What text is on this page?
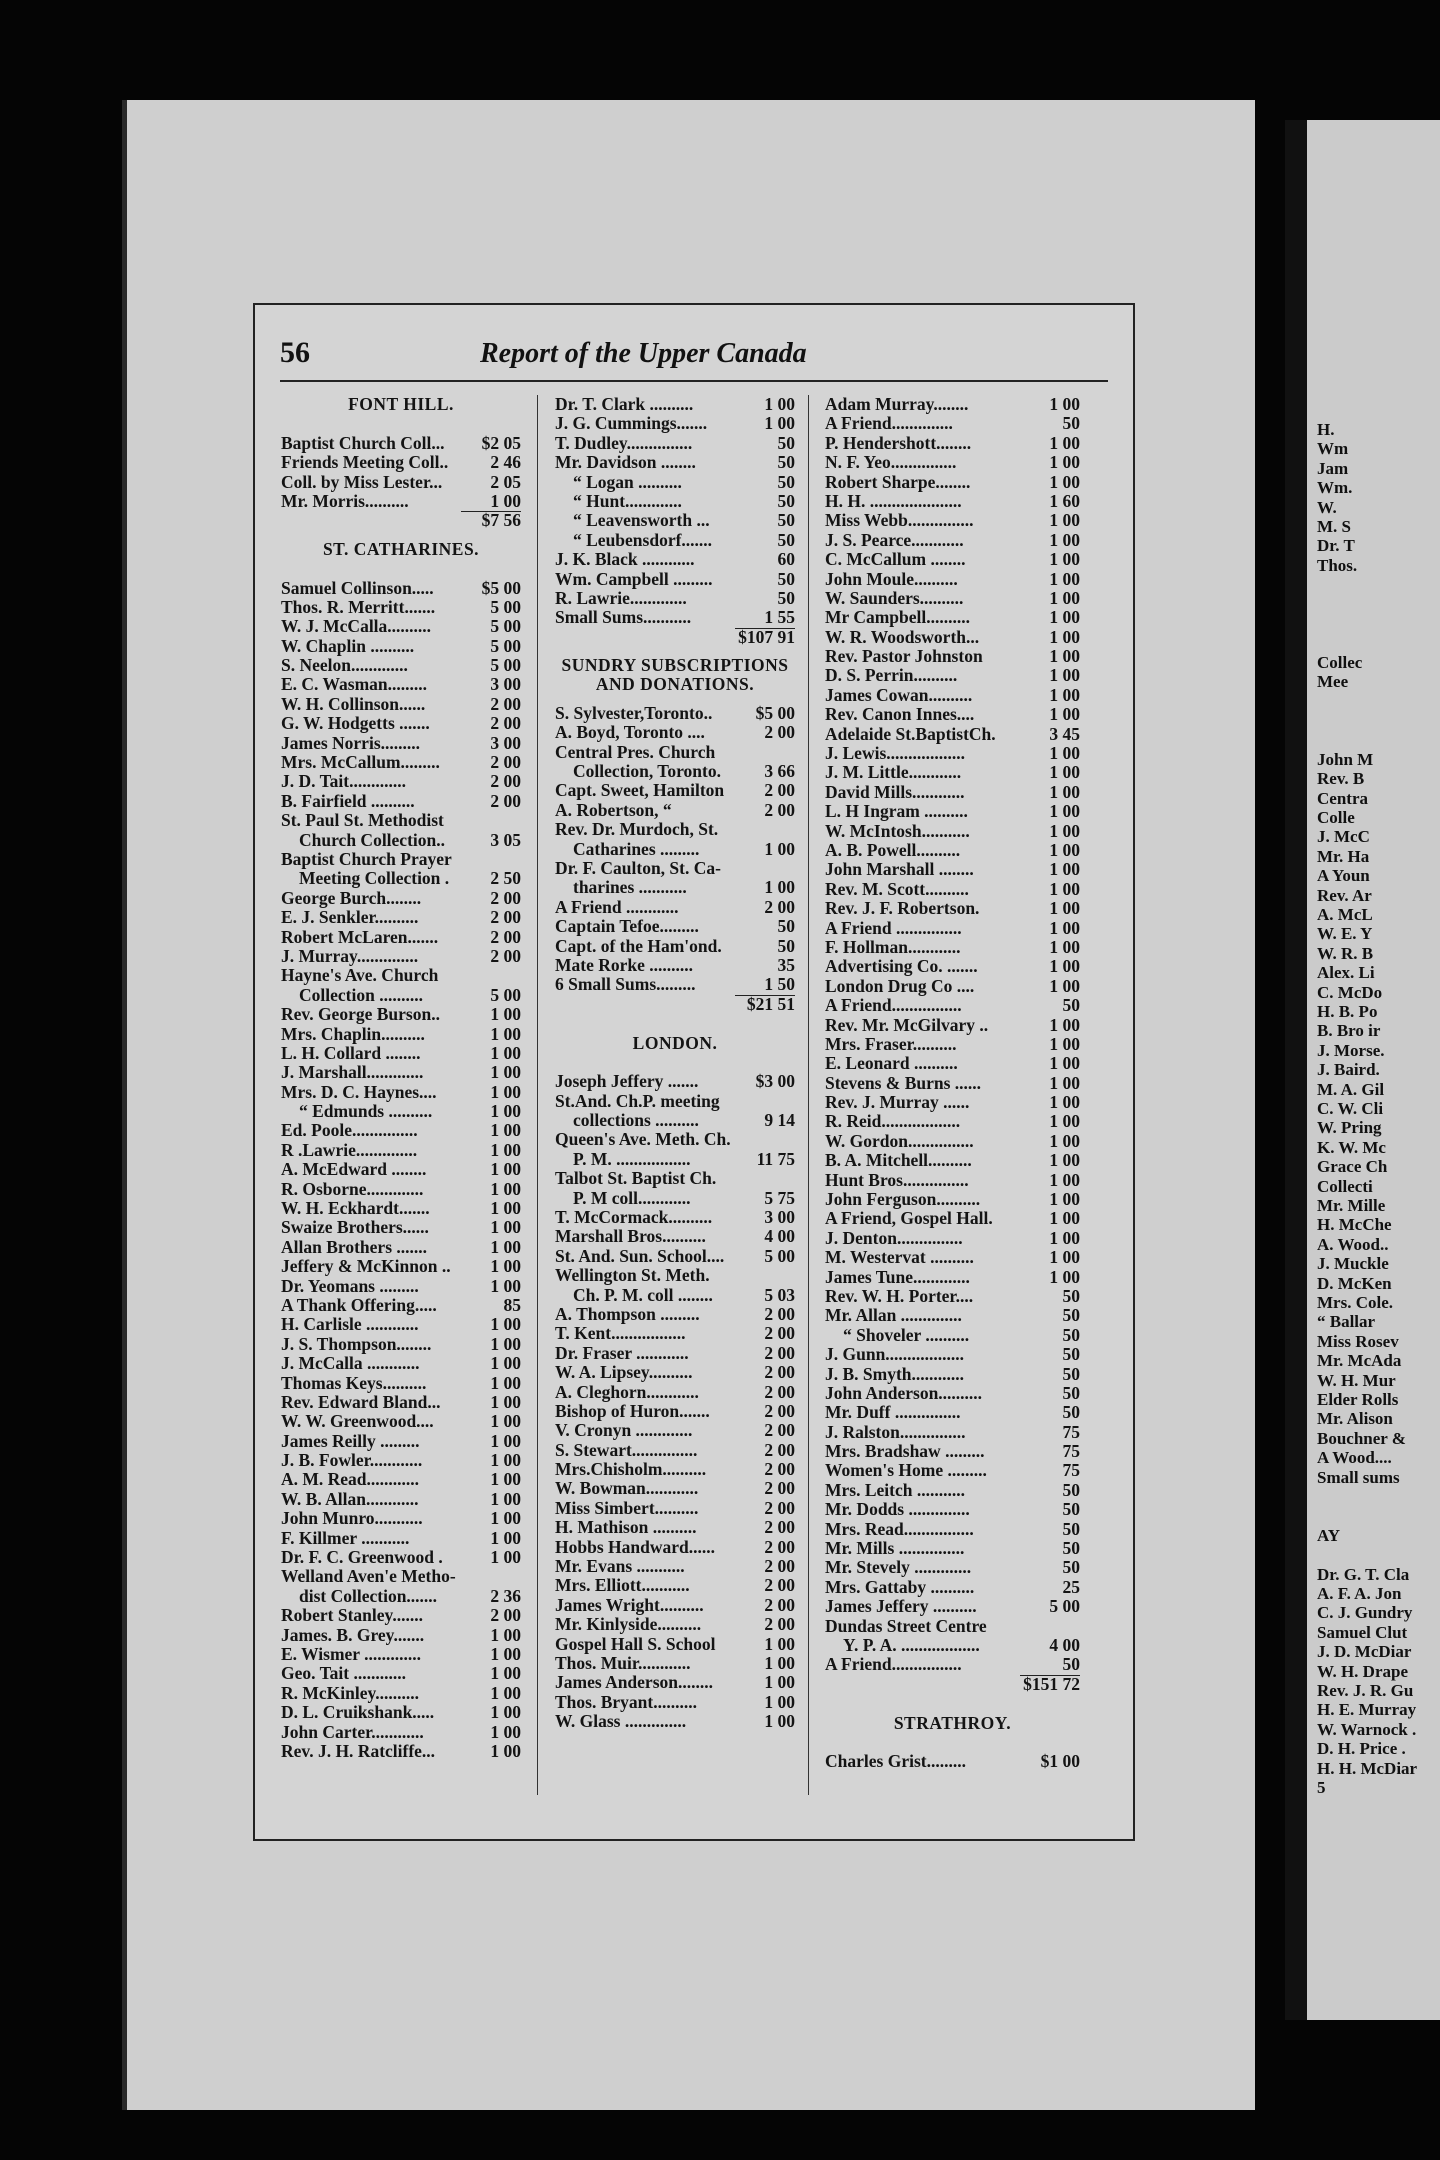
H.
Wm
Jam
Wm.
W.
M. S
Dr. T
Thos.
Collec
Mee
John M
Rev. B
Centra
Colle
J. McC
Mr. Ha
A Youn
Rev. Ar
A. McL
W. E. Y
W. R. B
Alex. Li
C. McDo
H. B. Po
B. Bro ir
J. Morse.
J. Baird.
M. A. Gil
C. W. Cli
W. Pring
K. W. Mc
Grace Ch
Collecti
Mr. Mille
H. McChe
A. Wood..
J. Muckle
D. McKen
Mrs. Cole.
“ Ballar
Miss Rosev
Mr. McAda
W. H. Mur
Elder Rolls
Mr. Alison
Bouchner &
A Wood....
Small sums
AY
Dr. G. T. Cla
A. F. A. Jon
C. J. Gundry
Samuel Clut
J. D. McDiar
W. H. Drape
Rev. J. R. Gu
H. E. Murray
W. Warnock .
D. H. Price .
H. H. McDiar
5
56	Report of the Upper Canada
FONT HILL.
Baptist Church Coll... $2 05
Friends Meeting Coll.. 2 46
Coll. by Miss Lester...	2 05
Mr. Morris..........	1 00
$7 56
ST. CATHARINES.
Samuel Collinson.....	$5 00
Thos. R. Merritt.......	5 00
W. J. McCalla..........	5 00
W. Chaplin ..........	5 00
S. Neelon.............	5 00
E. C. Wasman.........	3 00
W. H. Collinson......	2 00
G. W. Hodgetts .......	2 00
James Norris.........	3 00
Mrs. McCallum.........	2 00
J. D. Tait.............	2 00
B. Fairfield ..........	2 00
St. Paul St. Methodist
Church Collection..	3 05
Baptist Church Prayer
Meeting Collection . 2 50
George Burch........	2 00
E. J. Senkler..........	2 00
Robert McLaren.......	2 00
J. Murray..............	2 00
Hayne's Ave. Church
Collection ..........	5 00
Rev. George Burson..	1 00
Mrs. Chaplin..........	1 00
L. H. Collard ........	1 00
J. Marshall.............	1 00
Mrs. D. C. Haynes....	1 00
“ Edmunds ..........	1 00
Ed. Poole...............	1 00
R .Lawrie..............	1 00
A. McEdward ........	1 00
R. Osborne.............	1 00
W. H. Eckhardt.......	1 00
Swaize Brothers......	1 00
Allan Brothers .......	1 00
Jeffery & McKinnon .. 1 00
Dr. Yeomans .........	1 00
A Thank Offering.....	85
H. Carlisle ............	1 00
J. S. Thompson........	1 00
J. McCalla ............	1 00
Thomas Keys..........	1 00
Rev. Edward Bland...	1 00
W. W. Greenwood....	1 00
James Reilly .........	1 00
J. B. Fowler............	1 00
A. M. Read............	1 00
W. B. Allan............	1 00
John Munro...........	1 00
F. Killmer ...........	1 00
Dr. F. C. Greenwood .	1 00
Welland Aven'e Metho-
dist Collection.......	2 36
Robert Stanley.......	2 00
James. B. Grey.......	1 00
E. Wismer .............	1 00
Geo. Tait ............	1 00
R. McKinley..........	1 00
D. L. Cruikshank.....	1 00
John Carter............	1 00
Rev. J. H. Ratcliffe...	1 00
Dr. T. Clark ..........	1 00
J. G. Cummings.......	1 00
T. Dudley...............	50
Mr. Davidson ........	50
“ Logan ..........	50
“ Hunt.............	50
“ Leavensworth ...	50
“ Leubensdorf.......	50
J. K. Black ............	60
Wm. Campbell .........	50
R. Lawrie.............	50
Small Sums...........	1 55
$107 91
SUNDRY SUBSCRIPTIONS
AND DONATIONS.
S. Sylvester,Toronto.. $5 00
A. Boyd, Toronto ....	2 00
Central Pres. Church
Collection, Toronto. 3 66
Capt. Sweet, Hamilton 2 00
A. Robertson, “	2 00
Rev. Dr. Murdoch, St.
Catharines .........	1 00
Dr. F. Caulton, St. Ca-
tharines ...........	1 00
A Friend ............	2 00
Captain Tefoe.........	50
Capt. of the Ham'ond.	50
Mate Rorke ..........	35
6 Small Sums.........	1 50
$21 51
LONDON.
Joseph Jeffery .......	$3 00
St.And. Ch.P. meeting
collections ..........	9 14
Queen's Ave. Meth. Ch.
P. M. .................	11 75
Talbot St. Baptist Ch.
P. M coll............	5 75
T. McCormack..........	3 00
Marshall Bros..........	4 00
St. And. Sun. School.... 5 00
Wellington St. Meth.
Ch. P. M. coll ........	5 03
A. Thompson .........	2 00
T. Kent.................	2 00
Dr. Fraser ............	2 00
W. A. Lipsey..........	2 00
A. Cleghorn............	2 00
Bishop of Huron.......	2 00
V. Cronyn .............	2 00
S. Stewart...............	2 00
Mrs.Chisholm..........	2 00
W. Bowman............	2 00
Miss Simbert..........	2 00
H. Mathison ..........	2 00
Hobbs Handward......	2 00
Mr. Evans ...........	2 00
Mrs. Elliott...........	2 00
James Wright..........	2 00
Mr. Kinlyside..........	2 00
Gospel Hall S. School	1 00
Thos. Muir............	1 00
James Anderson........	1 00
Thos. Bryant..........	1 00
W. Glass ..............	1 00
Adam Murray........	1 00
A Friend..............	50
P. Hendershott........	1 00
N. F. Yeo...............	1 00
Robert Sharpe........	1 00
H. H. .....................	1 60
Miss Webb...............	1 00
J. S. Pearce............	1 00
C. McCallum ........	1 00
John Moule..........	1 00
W. Saunders..........	1 00
Mr Campbell..........	1 00
W. R. Woodsworth...	1 00
Rev. Pastor Johnston	1 00
D. S. Perrin..........	1 00
James Cowan..........	1 00
Rev. Canon Innes....	1 00
Adelaide St.BaptistCh.	3 45
J. Lewis..................	1 00
J. M. Little............	1 00
David Mills............	1 00
L. H Ingram ..........	1 00
W. McIntosh...........	1 00
A. B. Powell..........	1 00
John Marshall ........	1 00
Rev. M. Scott..........	1 00
Rev. J. F. Robertson.	1 00
A Friend ...............	1 00
F. Hollman............	1 00
Advertising Co. .......	1 00
London Drug Co ....	1 00
A Friend................	50
Rev. Mr. McGilvary ..	1 00
Mrs. Fraser..........	1 00
E. Leonard ..........	1 00
Stevens & Burns ......	1 00
Rev. J. Murray ......	1 00
R. Reid..................	1 00
W. Gordon...............	1 00
B. A. Mitchell..........	1 00
Hunt Bros...............	1 00
John Ferguson..........	1 00
A Friend, Gospel Hall.	1 00
J. Denton...............	1 00
M. Westervat ..........	1 00
James Tune.............	1 00
Rev. W. H. Porter....	50
Mr. Allan ..............	50
“ Shoveler ..........	50
J. Gunn..................	50
J. B. Smyth............	50
John Anderson..........	50
Mr. Duff ...............	50
J. Ralston...............	75
Mrs. Bradshaw .........	75
Women's Home .........	75
Mrs. Leitch ...........	50
Mr. Dodds ..............	50
Mrs. Read................	50
Mr. Mills ...............	50
Mr. Stevely .............	50
Mrs. Gattaby ..........	25
James Jeffery ..........	5 00
Dundas Street Centre
Y. P. A. ..................	4 00
A Friend................	50
$151 72
STRATHROY.
Charles Grist.........	$1 00
